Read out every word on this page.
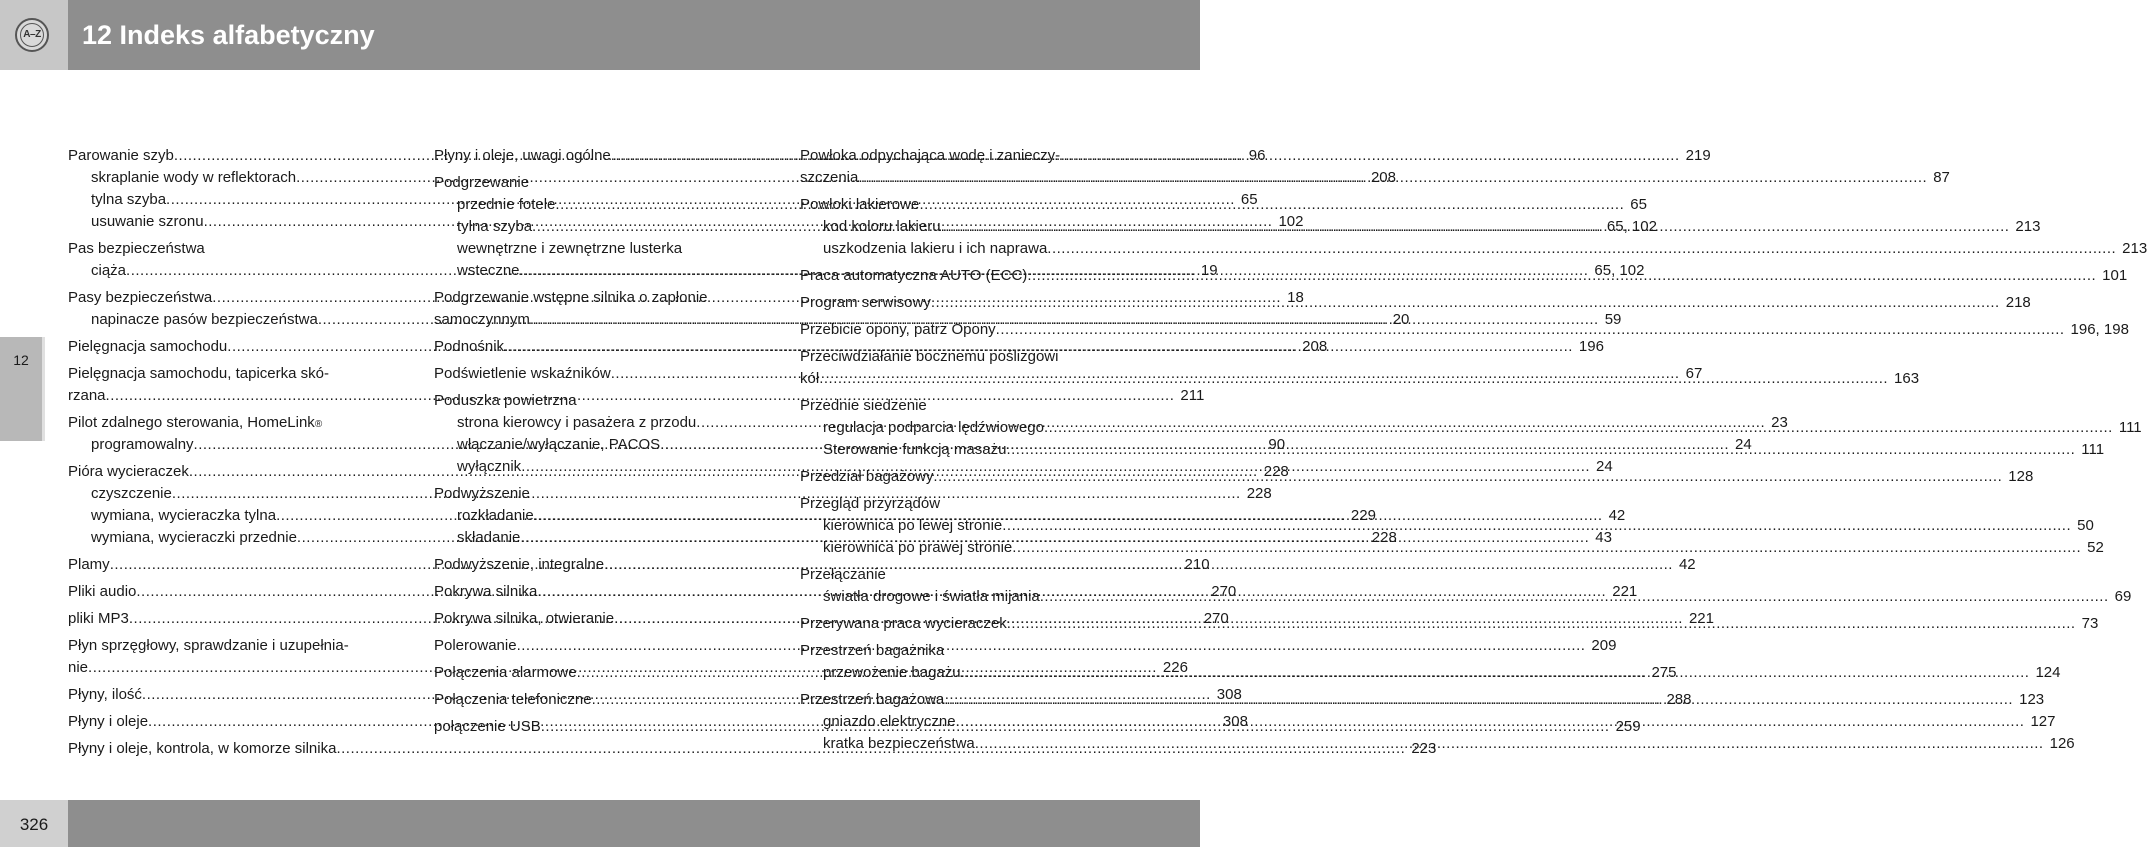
A–Z 12 Indeks alfabetyczny
12
Parowanie szyb .....	96
skraplanie wody w reflektorach .....	208
tylna szyba .....	65
usuwanie szronu .....	102
Pas bezpieczeństwa
ciąża .....	19
Pasy bezpieczeństwa .....	18
napinacze pasów bezpieczeństwa .....	20
Pielęgnacja samochodu .....	208
Pielęgnacja samochodu, tapicerka skó-
rzana .....	211
Pilot zdalnego sterowania, HomeLink ®
programowalny .....	90
Pióra wycieraczek .....	228
czyszczenie .....	228
wymiana, wycieraczka tylna .....	229
wymiana, wycieraczki przednie .....	228
Plamy .....	210
Pliki audio .....	270
pliki MP3 .....	270
Płyn sprzęgłowy, sprawdzanie i uzupełnia-
nie .....	226
Płyny, ilość .....	308
Płyny i oleje .....	308
Płyny i oleje, kontrola, w komorze silnika .....	223
Płyny i oleje, uwagi ogólne .....	219
Podgrzewanie
przednie fotele .....	65
tylna szyba .....	65, 102
wewnętrzne i zewnętrzne lusterka
wsteczne .....	65, 102
Podgrzewanie wstępne silnika o zapłonie
samoczynnym .....	59
Podnośnik .....	196
Podświetlenie wskaźników .....	67
Poduszka powietrzna
strona kierowcy i pasażera z przodu .....	23
włączanie/wyłączanie, PACOS .....	24
wyłącznik .....	24
Podwyższenie
rozkładanie .....	42
składanie .....	43
Podwyższenie, integralne .....	42
Pokrywa silnika .....	221
Pokrywa silnika, otwieranie .....	221
Polerowanie .....	209
Połączenia alarmowe .....	275
Połączenia telefoniczne .....	288
połączenie USB .....	259
Powłoka odpychająca wodę i zanieczy-
szczenia .....	87
Powłoki lakierowe
kod koloru lakieru .....	213
uszkodzenia lakieru i ich naprawa .....	213
Praca automatyczna AUTO (ECC) .....	101
Program serwisowy .....	218
Przebicie opony, patrz Opony .....	196, 198
Przeciwdziałanie bocznemu poślizgowi
kół .....	163
Przednie siedzenie
regulacja podparcia lędźwiowego .....	111
Sterowanie funkcją masażu .....	111
Przedział bagażowy .....	128
Przegląd przyrządów
kierownica po lewej stronie .....	50
kierownica po prawej stronie .....	52
Przełączanie
światła drogowe i światła mijania .....	69
Przerywana praca wycieraczek .....	73
Przestrzeń bagażnika
przewożenie bagażu .....	124
Przestrzeń bagażowa .....	123
gniazdo elektryczne .....	127
kratka bezpieczeństwa .....	126
326
